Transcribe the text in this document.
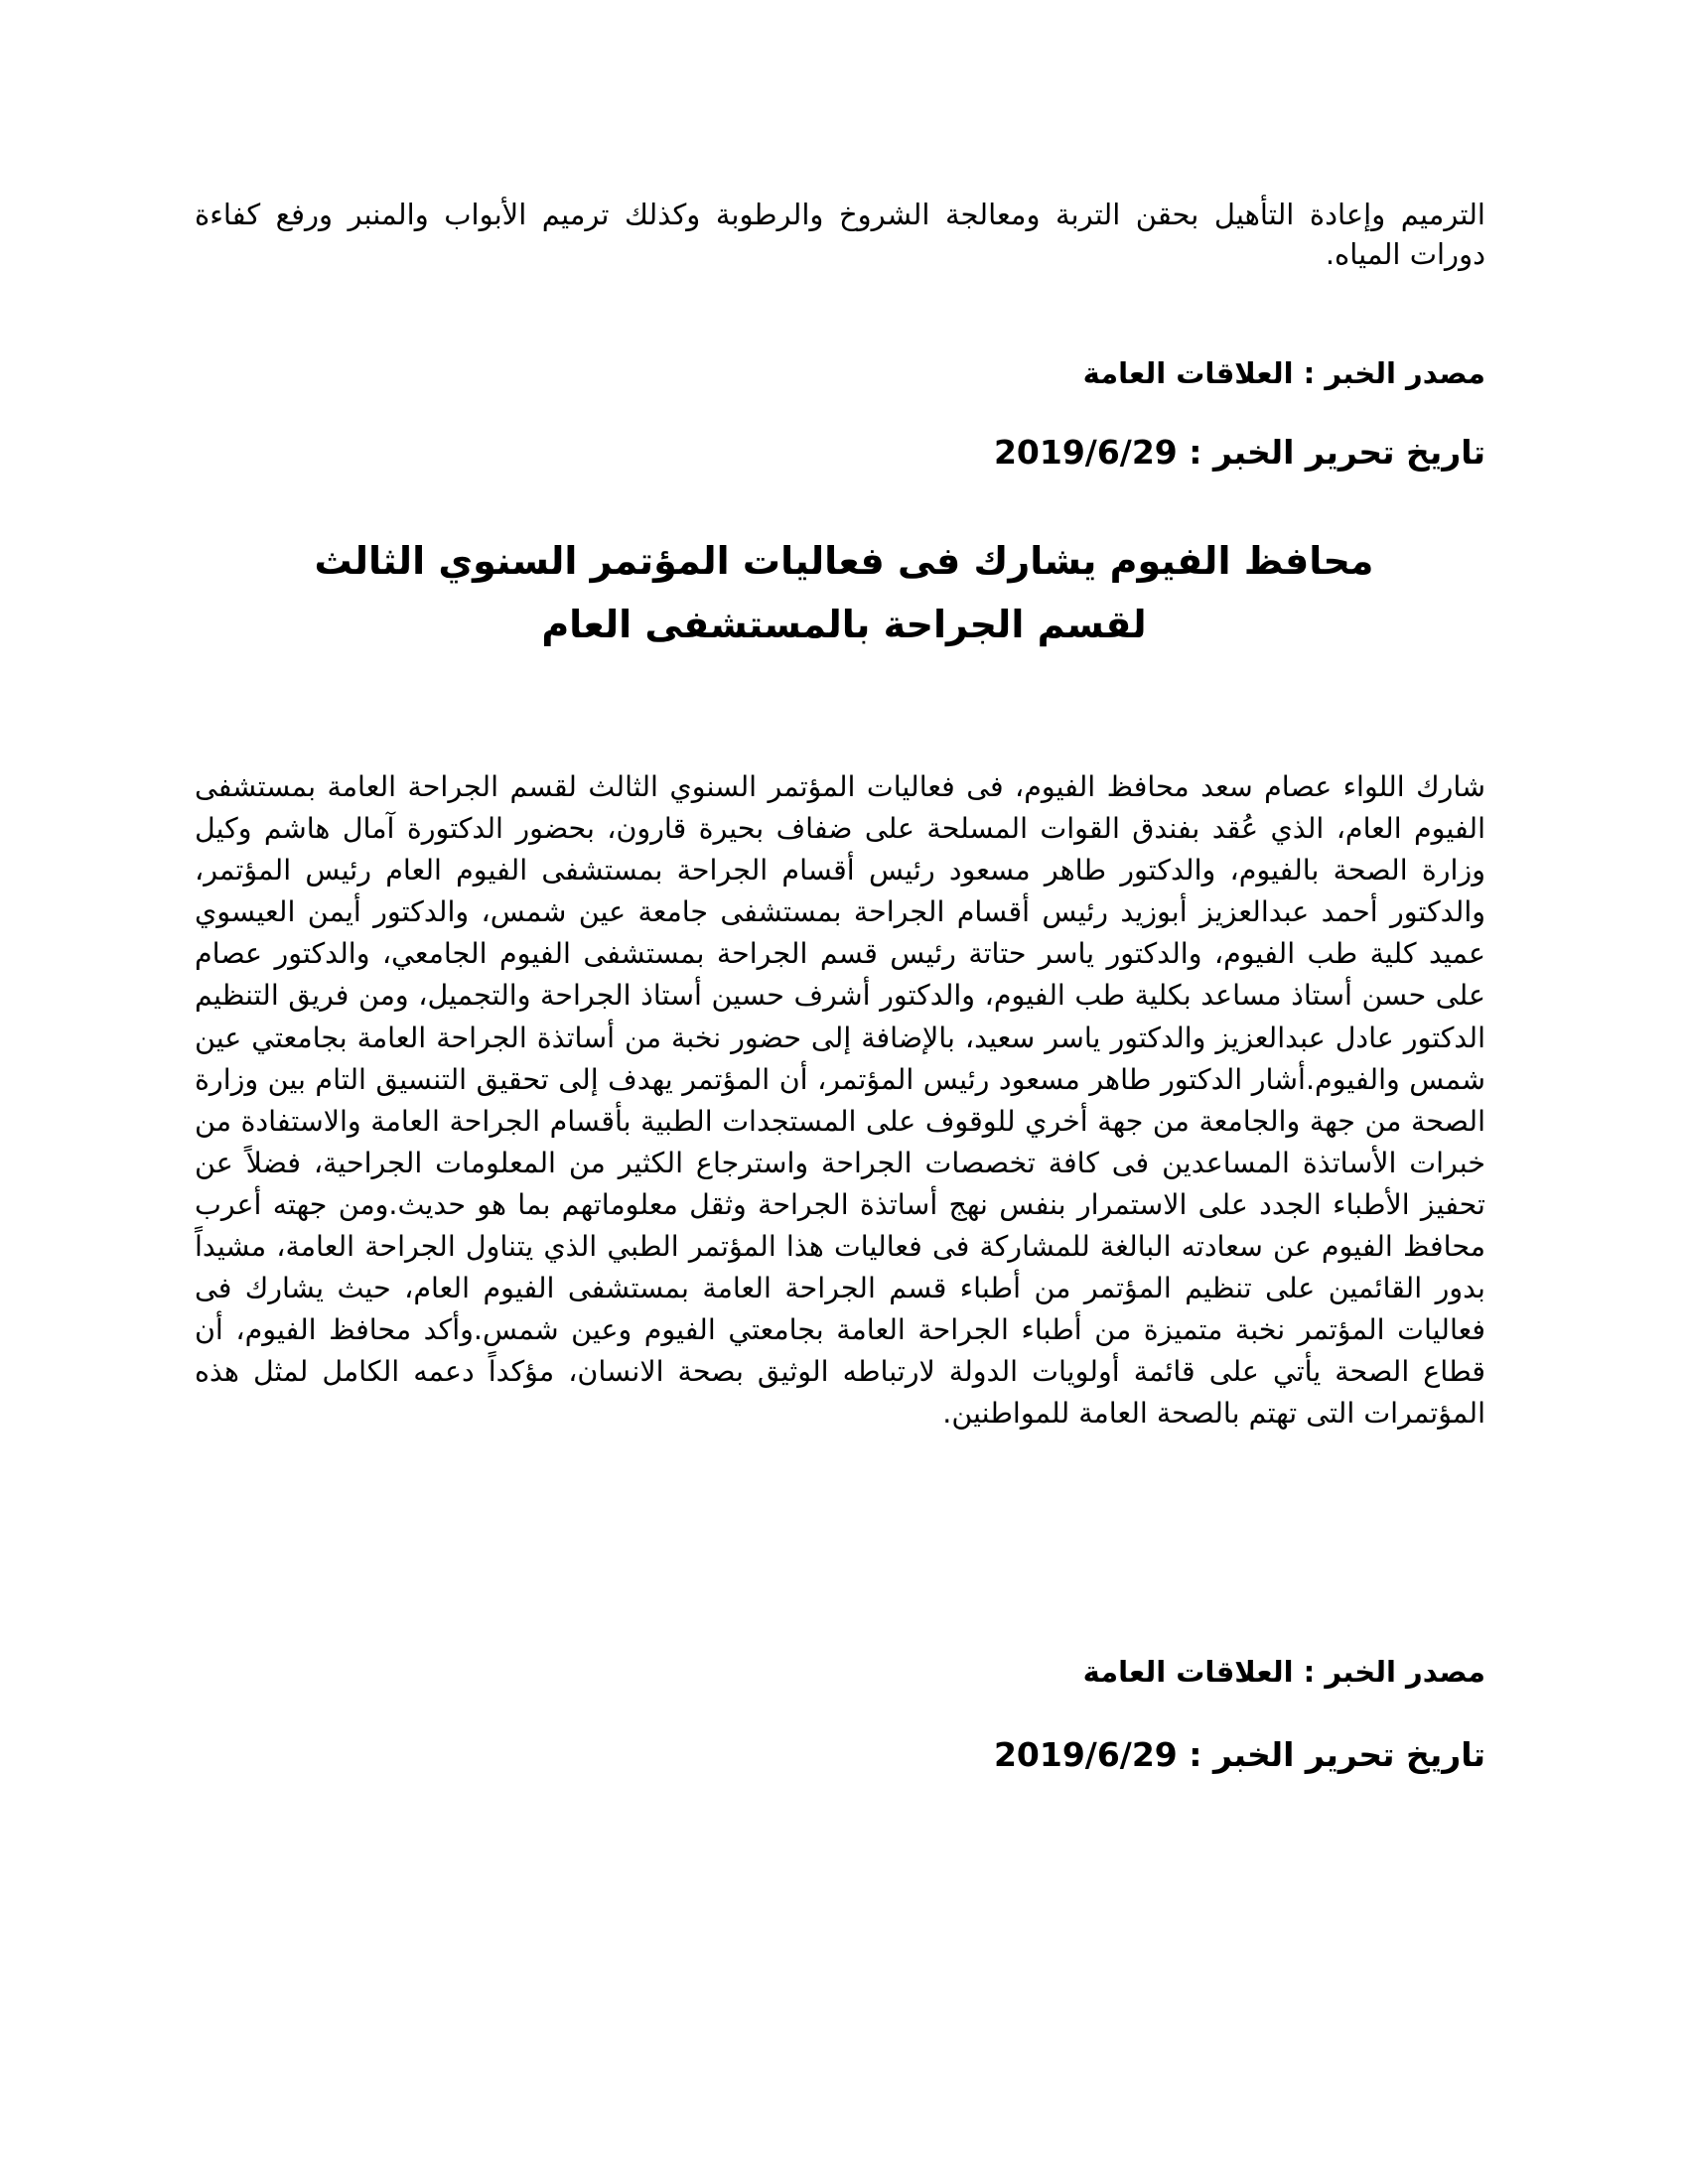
الترميم وإعادة التأهيل بحقن التربة ومعالجة الشروخ والرطوبة وكذلك ترميم الأبواب والمنبر ورفع كفاءة دورات المياه.

مصدر الخبر : العلاقات العامة
تاريخ تحرير الخبر : 2019/6/29
محافظ الفيوم يشارك فى فعاليات المؤتمر السنوي الثالث لقسم الجراحة بالمستشفى العام

شارك اللواء عصام سعد محافظ الفيوم، فى فعاليات المؤتمر السنوي الثالث لقسم الجراحة العامة بمستشفى الفيوم العام، الذي عُقد بفندق القوات المسلحة على ضفاف بحيرة قارون، بحضور الدكتورة آمال هاشم وكيل وزارة الصحة بالفيوم، والدكتور طاهر مسعود رئيس أقسام الجراحة بمستشفى الفيوم العام رئيس المؤتمر، والدكتور أحمد عبدالعزيز أبوزيد رئيس أقسام الجراحة بمستشفى جامعة عين شمس، والدكتور أيمن العيسوي عميد كلية طب الفيوم، والدكتور ياسر حتاتة رئيس قسم الجراحة بمستشفى الفيوم الجامعي، والدكتور عصام على حسن أستاذ مساعد بكلية طب الفيوم، والدكتور أشرف حسين أستاذ الجراحة والتجميل، ومن فريق التنظيم الدكتور عادل عبدالعزيز والدكتور ياسر سعيد، بالإضافة إلى حضور نخبة من أساتذة الجراحة العامة بجامعتي عين شمس والفيوم.أشار الدكتور طاهر مسعود رئيس المؤتمر، أن المؤتمر يهدف إلى تحقيق التنسيق التام بين وزارة الصحة من جهة والجامعة من جهة أخري للوقوف على المستجدات الطبية بأقسام الجراحة العامة والاستفادة من خبرات الأساتذة المساعدين فى كافة تخصصات الجراحة واسترجاع الكثير من المعلومات الجراحية، فضلاً عن تحفيز الأطباء الجدد على الاستمرار بنفس نهج أساتذة الجراحة وثقل معلوماتهم بما هو حديث.ومن جهته أعرب محافظ الفيوم عن سعادته البالغة للمشاركة فى فعاليات هذا المؤتمر الطبي الذي يتناول الجراحة العامة، مشيداً بدور القائمين على تنظيم المؤتمر من أطباء قسم الجراحة العامة بمستشفى الفيوم العام، حيث يشارك فى فعاليات المؤتمر نخبة متميزة من أطباء الجراحة العامة بجامعتي الفيوم وعين شمس.وأكد محافظ الفيوم، أن قطاع الصحة يأتي على قائمة أولويات الدولة لارتباطه الوثيق بصحة الانسان، مؤكداً دعمه الكامل لمثل هذه المؤتمرات التى تهتم بالصحة العامة للمواطنين.

مصدر الخبر : العلاقات العامة
تاريخ تحرير الخبر : 2019/6/29
